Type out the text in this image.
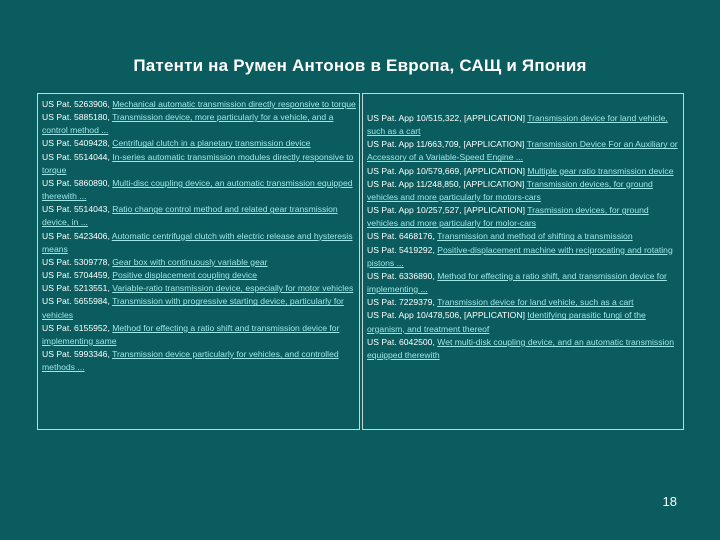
Патенти на Румен Антонов в Европа, САЩ и Япония
US Pat. 5263906, Mechanical automatic transmission directly responsive to torque
US Pat. 5885180, Transmission device, more particularly for a vehicle, and a control method ...
US Pat. 5409428, Centrifugal clutch in a planetary transmission device
US Pat. 5514044, In-series automatic transmission modules directly responsive to torque
US Pat. 5860890, Multi-disc coupling device, an automatic transmission equipped therewith ...
US Pat. 5514043, Ratio change control method and related gear transmission device, in ...
US Pat. 5423406, Automatic centrifugal clutch with electric release and hysteresis means
US Pat. 5309778, Gear box with continuously variable gear
US Pat. 5704459, Positive displacement coupling device
US Pat. 5213551, Variable-ratio transmission device, especially for motor vehicles
US Pat. 5655984, Transmission with progressive starting device, particularly for vehicles
US Pat. 6155952, Method for effecting a ratio shift and transmission device for implementing same
US Pat. 5993346, Transmission device particularly for vehicles, and controlled methods ...
US Pat. App 10/515,322, [APPLICATION] Transmission device for land vehicle, such as a cart
US Pat. App 11/663,709, [APPLICATION] Transmission Device For an Auxiliary or Accessory of a Variable-Speed Engine ...
US Pat. App 10/579,669, [APPLICATION] Multiple gear ratio transmission device
US Pat. App 11/248,850, [APPLICATION] Transmission devices, for ground vehicles and more particularly for motors-cars
US Pat. App 10/257,527, [APPLICATION] Trasmission devices, for ground vehicles and more particularly for molor-cars
US Pat. 6468176, Transmission and method of shifting a transmission
US Pat. 5419292, Positive-displacement machine with reciprocating and rotating pistons ...
US Pat. 6336890, Method for effecting a ratio shift, and transmission device for implementing ...
US Pat. 7229379, Transmission device for land vehicle, such as a cart
US Pat. App 10/478,506, [APPLICATION] Identifying parasitic fungi of the organism, and treatment thereof
US Pat. 6042500, Wet multi-disk coupling device, and an automatic transmission equipped therewith
18
